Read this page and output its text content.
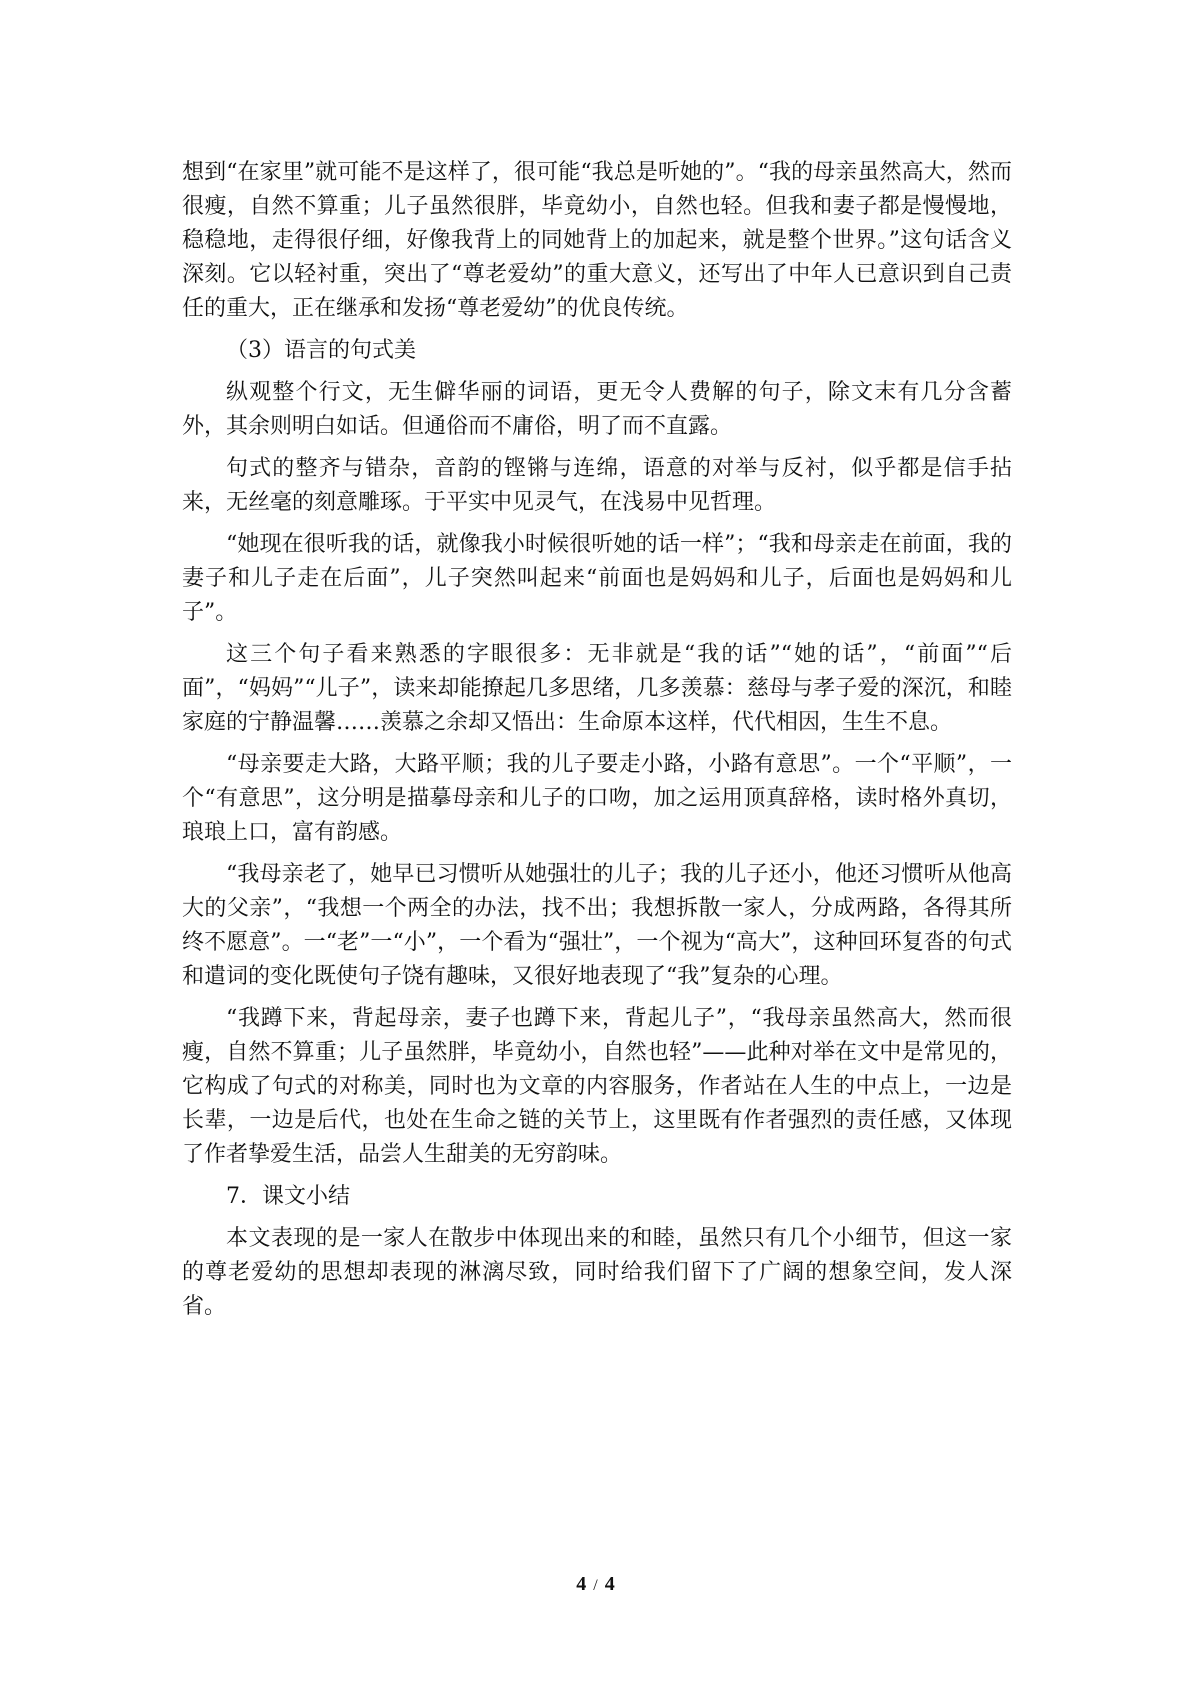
想到“在家里”就可能不是这样了，很可能“我总是听她的”。“我的母亲虽然高大，然而很瘦，自然不算重；儿子虽然很胖，毕竟幼小，自然也轻。但我和妻子都是慢慢地，稳稳地，走得很仔细，好像我背上的同她背上的加起来，就是整个世界。”这句话含义深刻。它以轻衬重，突出了“尊老爱幼”的重大意义，还写出了中年人已意识到自己责任的重大，正在继承和发扬“尊老爱幼”的优良传统。

（3）语言的句式美

纵观整个行文，无生僻华丽的词语，更无令人费解的句子，除文末有几分含蓄外，其余则明白如话。但通俗而不庸俗，明了而不直露。

句式的整齐与错杂，音韵的铿锵与连绵，语意的对举与反衬，似乎都是信手拈来，无丝毫的刻意雕琢。于平实中见灵气，在浅易中见哲理。

“她现在很听我的话，就像我小时候很听她的话一样”；“我和母亲走在前面，我的妻子和儿子走在后面”，儿子突然叫起来“前面也是妈妈和儿子，后面也是妈妈和儿子”。

这三个句子看来熟悉的字眼很多：无非就是“我的话”“她的话”，“前面”“后面”，“妈妈”“儿子”，读来却能撩起几多思绪，几多羡慕：慈母与孝子爱的深沉，和睦家庭的宁静温馨……羡慕之余却又悟出：生命原本这样，代代相因，生生不息。

“母亲要走大路，大路平顺；我的儿子要走小路，小路有意思”。一个“平顺”，一个“有意思”，这分明是描摹母亲和儿子的口吻，加之运用顶真辞格，读时格外真切，琅琅上口，富有韵感。

“我母亲老了，她早已习惯听从她强壮的儿子；我的儿子还小，他还习惯听从他高大的父亲”，“我想一个两全的办法，找不出；我想拆散一家人，分成两路，各得其所终不愿意”。一“老”一“小”，一个看为“强壮”，一个视为“高大”，这种回环复沓的句式和遣词的变化既使句子饶有趣味，又很好地表现了“我”复杂的心理。

“我蹲下来，背起母亲，妻子也蹲下来，背起儿子”，“我母亲虽然高大，然而很瘦，自然不算重；儿子虽然胖，毕竟幼小，自然也轻”——此种对举在文中是常见的，它构成了句式的对称美，同时也为文章的内容服务，作者站在人生的中点上，一边是长辈，一边是后代，也处在生命之链的关节上，这里既有作者强烈的责任感，又体现了作者挚爱生活，品尝人生甜美的无穷韵味。

7．课文小结

本文表现的是一家人在散步中体现出来的和睦，虽然只有几个小细节，但这一家的尊老爱幼的思想却表现的淋漓尽致，同时给我们留下了广阔的想象空间，发人深省。

4 / 4
